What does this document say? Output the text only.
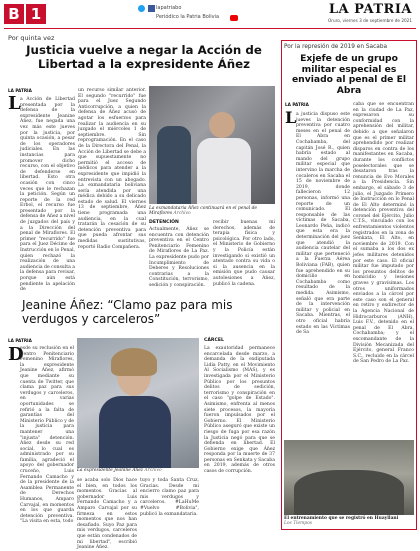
B 1	lapatriabo
Periódico la Patria Bolivia	LA PATRIA
Oruro, viernes 3 de septiembre de 2021
Por quinta vez
Justicia vuelve a negar la Acción de Libertad a la expresidente Áñez
LA PATRIA
L a Acción de Libertad presentada por la defensa de la expresidente Jeanine Áñez, fue negada una vez más este jueves por la justicia, por quinta ocasión, a pesar de los operadores judiciales. En las instancias para promover dicho recurso, con el objetivo de defenderse en libertad. Esto otra ocasión con cinco veces que le rechazan la petición. Según un reporte de la red Erbol, el recurso fue presentado por la defensa de Áñez a nivel de juzgados del país y a la Dirección del penal de Miraflores. El primer "recurrido" fue para el Juez Décimo de Instrucción en lo Penal, quien rechazó la realización de una audiencia de consulta a la defensa para revisar, porque aún está pendiente la apelación de
un recurso similar anterior. El segundo "recurrido" fue para el Juez Segundo Anticorrupción, a quien la defensa de Áñez acusó de agotar los esfuerzos para realizar la audiencia en su juzgado el miércoles 1 de septiembre. Sin reprogramación. En el caso de la Directora del Penal, la Acción de Libertad se debe a que supuestamente no permitió el acceso de médicos para atender a la expresidente que impidió la entrevista con un abogado. La exmandataria boliviana sería atendida por una médica debido a su delicado estado de salud. El viernes 13 de septiembre, Áñez tiene programada una audiencia, en la cual tratarán la cesación de su detención preventiva para que pueda afrontar sus medidas sustitutivas, reportó Radio Compañera.
La exmandataria Áñez continuará en el penal de Miraflores Archivo
DETENCIÓN
Actualmente, Áñez se encuentra con detención preventiva en el Centro Penitenciario Femenino de Miraflores de La Paz. La expresidente pudo por Incumplimiento de Deberes y Resoluciones contrarias a la Constitución, terrorismo, sedición y conspiración.
recibir buenas mi derechos, además de terapia física y psicológica. Por otro lado, el Ministerio de Gobierno y la Policía están investigando si existió un atentado contra su vida o si la ausencia en la emisión que pudo causar autolesiones a Áñez, publicó la cadena.
Por la represión de 2019 en Sacaba
Exjefe de un grupo militar especial es enviado al penal de El Abra
LA PATRIA
L a justicia dispuso este jueves la detención preventiva por cuatro meses en el penal de El Abra en Cochabamba, del capitán José R., quien habría estado al mando del grupo militar especial que intervino la marcha de cocaleros en Sacaba el 15 de noviembre de 2019, donde fallecieron 12 personas, informó una reporte de un comunicado. El responsable de las víctimas de Sacaba, Leonardo Peña, indicó que esta era la determinación del juez que atendió la audiencia cautelar del militar que perteneció a la Fuerza Aérea Boliviana (FAB), quien fue aprehendido en su domicilio en Cochabamba como resultado de la medida. Asimismo, señaló que era parte de la intervención militar y policial en Sacaba. Mientras, el otro oficial habría estado en las Víctimas de Sa
caba que se encuentran en la ciudad de La Paz, expresaron su conformidad con la aprehensión del militar, debido a que señalaron que es el primer militar aprehendido por realizar disparos en contra de los manifestantes en Sacaba, durante los conflictos poselectorales que se desataron tras la renuncia de Evo Morales a la Presidencia. Sin embargo, el sábado 3 de julio, el Juzgado Primero de Instrucción en lo Penal de El Alto determinó la detención preventiva del coronel del Ejército, Julio C.T.S., vinculado con los enfrentamientos violentos registrados en la zona de Senkata, El Alto, en noviembre de 2019. Con el sumaba a los dos ex jefes militares detenidos por este caso. El oficial militar fue imputado por los presuntos delitos de homicidio y lesiones graves y gravísimas. Los otros uniformados enviados a la cárcel por este caso son el general en retiro y exdirector de la Agencia Nacional de Hidrocarburos (ANH), Luis F.V., detenido en el penal de El Abra, Cochabamba; y el excomandante de la División Mecanizada del Ejército, general Franco S.C., recluido en la cárcel de San Pedro de La Paz.
El entrenamiento que se registró en Huayllani
Los Tiempos
Jeanine Áñez: “Clamo paz para mis verdugos y carceleros”
LA PATRIA
D
esde su reclusión en el Centro Penitenciario Femenino Miraflores, la expresidente Jeanine Áñez, afirmó que mediante su cuenta de Twitter, que clama paz para sus verdugos y carceleros, en varias oportunidades se refirió a la falta de garantías del Ministerio Público y de la justicia para mantener una "injusta" detención. Áñez desde su red social, lo cual es administrado por su familia, agradeció el apoyo del gobernador cruceño, Luis Fernando Camacho y de la presidente de la Asamblea Permanente de Derechos Humanos, Amparo Carvajal, en momentos en los que guarda detención preventiva. "La visita en esta, todo
La expresidente Jeanine Áñez Archivo
se acaba solo Dios hace el bien, en todos los momentos. Gracias al gobernador Luis Fernando Camacho y a Amparo Carvajal por su firmeza en estos momentos que nos han desafiado. Suyo Paz para mis verdugos, carceleros que están condenados de mi libertad", escribió Jeanine Áñez.
tuyo y toda Santa Cruz, Gracias. Desde mi encierro clamo paz para mis verdugos y carceleros. #LaHuMe #Vuelvo #Bolivia", publicó la exmandataria.
CÁRCEL
La exautoridad permanece encarcelada desde marzo, a demanda de la exdiputada Lidia Patty, en el Movimiento Al Socialismo (MAS), y es investigada por el Ministerio Público por los presuntos delitos de sedición, terrorismo y conspiración en el caso "golpe de Estado". Asimismo, enfrenta al menos siete procesos, la mayoría fueron impulsados por el Gobierno. El Ministerio Público aseguró que existe un riesgo de fuga por esa razón la Justicia negó para que se defienda en libertad. El Gobierno exige que Áñez responda por la muerte de 37 personas en Senkata y Sacaba en 2019, además de otros casos de corrupción.
